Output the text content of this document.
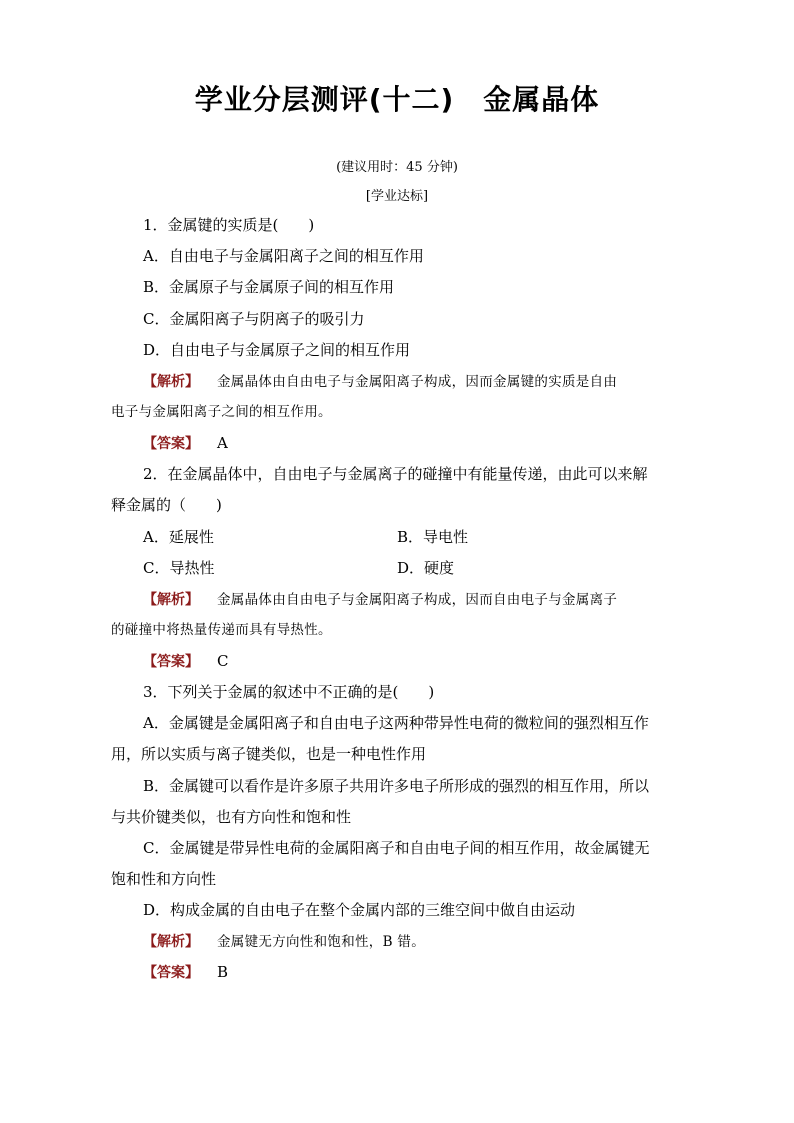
学业分层测评(十二)　金属晶体
(建议用时：45 分钟)
[学业达标]
1．金属键的实质是(　　)
A．自由电子与金属阳离子之间的相互作用
B．金属原子与金属原子间的相互作用
C．金属阳离子与阴离子的吸引力
D．自由电子与金属原子之间的相互作用
【解析】 金属晶体由自由电子与金属阳离子构成，因而金属键的实质是自由
电子与金属阳离子之间的相互作用。
【答案】 A
2．在金属晶体中，自由电子与金属离子的碰撞中有能量传递，由此可以来解
释金属的（　　)
A．延展性	B．导电性
C．导热性	D．硬度
【解析】 金属晶体由自由电子与金属阳离子构成，因而自由电子与金属离子
的碰撞中将热量传递而具有导热性。
【答案】 C
3．下列关于金属的叙述中不正确的是(　　)
A．金属键是金属阳离子和自由电子这两种带异性电荷的微粒间的强烈相互作
用，所以实质与离子键类似，也是一种电性作用
B．金属键可以看作是许多原子共用许多电子所形成的强烈的相互作用，所以
与共价键类似，也有方向性和饱和性
C．金属键是带异性电荷的金属阳离子和自由电子间的相互作用，故金属键无
饱和性和方向性
D．构成金属的自由电子在整个金属内部的三维空间中做自由运动
【解析】 金属键无方向性和饱和性，B 错。
【答案】 B
